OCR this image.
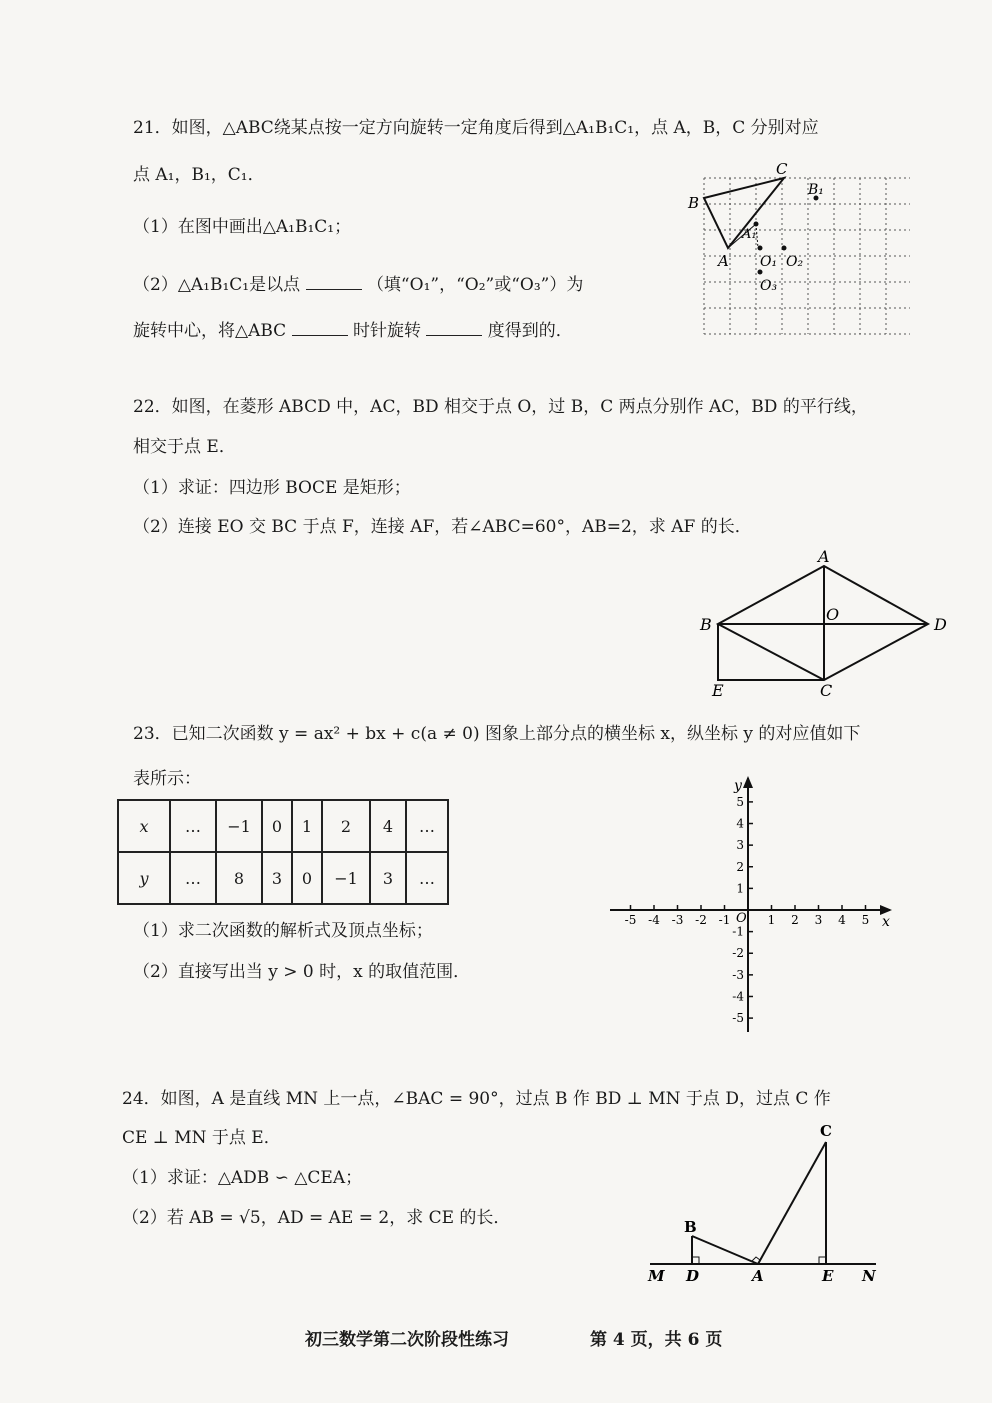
21．如图，△ABC绕某点按一定方向旋转一定角度后得到△A₁B₁C₁，点 A，B，C 分别对应
点 A₁，B₁，C₁．
（1）在图中画出△A₁B₁C₁；
（2）△A₁B₁C₁是以点	（填“O₁”，“O₂”或“O₃”）为
旋转中心，将△ABC	时针旋转	度得到的．
C
B
B₁
A
A₁
O₁ O₂
O₃
22．如图，在菱形 ABCD 中，AC，BD 相交于点 O，过 B，C 两点分别作 AC，BD 的平行线，
相交于点 E．
（1）求证：四边形 BOCE 是矩形；
（2）连接 EO 交 BC 于点 F，连接 AF，若∠ABC=60°，AB=2，求 AF 的长．
A
B
O
D
E	C
23．已知二次函数 y = ax² + bx + c(a ≠ 0) 图象上部分点的横坐标 x，纵坐标 y 的对应值如下
表所示：
x	…	−1	0	1	2	4	…
y	…	8	3	0	−1	3	…
（1）求二次函数的解析式及顶点坐标；
（2）直接写出当 y > 0 时，x 的取值范围．
-5 -4 -3 -2 -1	1 2 3 4 5
5
4
3
2
1
-1
-2
-3
-4
-5
x
y
O
24．如图，A 是直线 MN 上一点，∠BAC = 90°，过点 B 作 BD ⊥ MN 于点 D，过点 C 作
CE ⊥ MN 于点 E．
（1）求证：△ADB ∽ △CEA；
（2）若 AB = √5，AD = AE = 2，求 CE 的长．
C
B
M D	A	E N
初三数学第二次阶段性练习	第 4 页，共 6 页
